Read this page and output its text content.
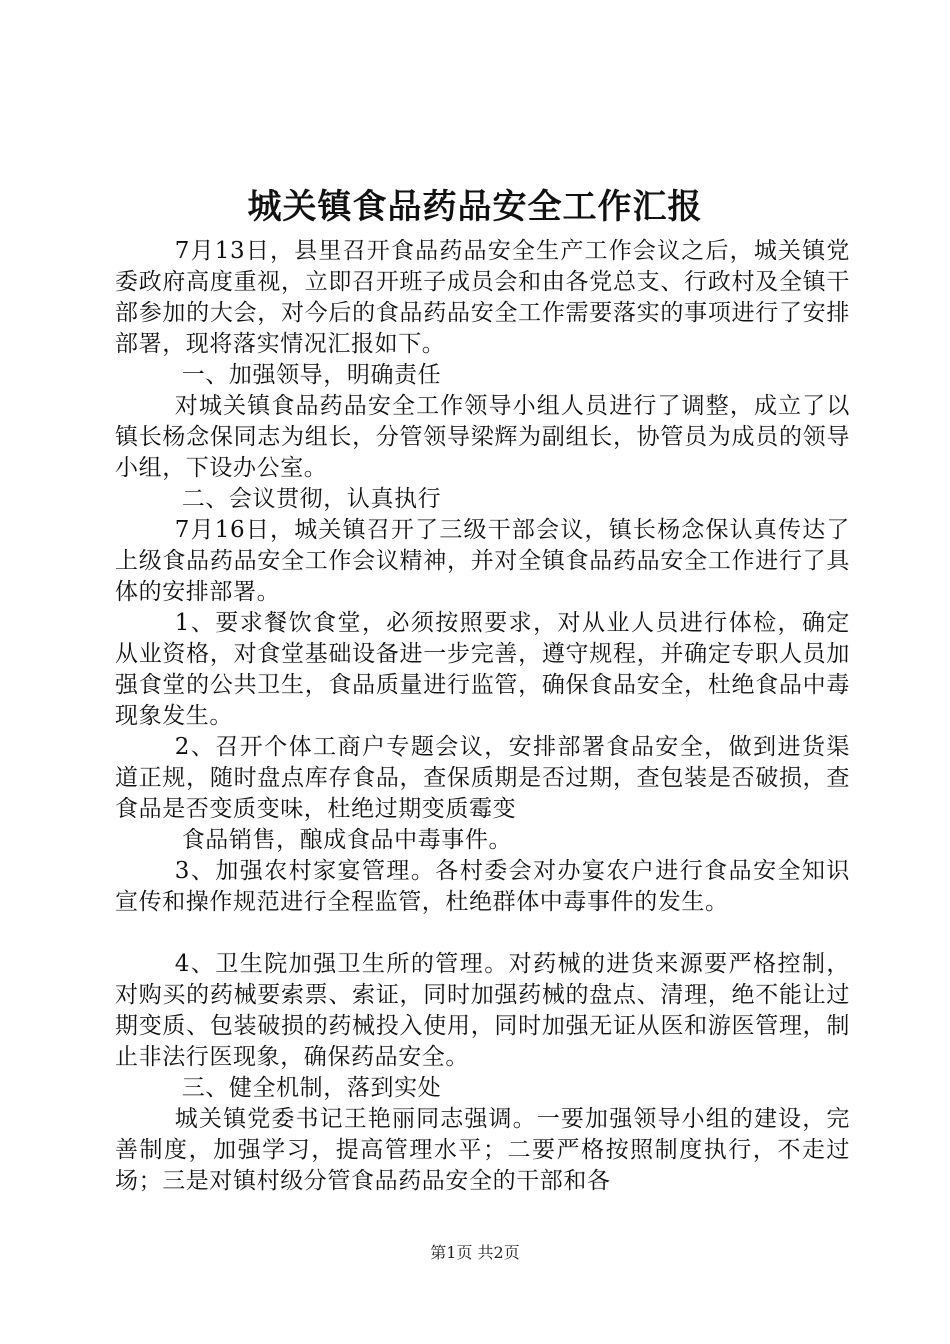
城关镇食品药品安全工作汇报

7月13日，县里召开食品药品安全生产工作会议之后，城关镇党委政府高度重视，立即召开班子成员会和由各党总支、行政村及全镇干部参加的大会，对今后的食品药品安全工作需要落实的事项进行了安排部署，现将落实情况汇报如下。

一、加强领导，明确责任

对城关镇食品药品安全工作领导小组人员进行了调整，成立了以镇长杨念保同志为组长，分管领导梁辉为副组长，协管员为成员的领导小组，下设办公室。

二、会议贯彻，认真执行

7月16日，城关镇召开了三级干部会议，镇长杨念保认真传达了上级食品药品安全工作会议精神，并对全镇食品药品安全工作进行了具体的安排部署。

1、要求餐饮食堂，必须按照要求，对从业人员进行体检，确定从业资格，对食堂基础设备进一步完善，遵守规程，并确定专职人员加强食堂的公共卫生，食品质量进行监管，确保食品安全，杜绝食品中毒现象发生。

2、召开个体工商户专题会议，安排部署食品安全，做到进货渠道正规，随时盘点库存食品，查保质期是否过期，查包装是否破损，查食品是否变质变味，杜绝过期变质霉变

食品销售，酿成食品中毒事件。

3、加强农村家宴管理。各村委会对办宴农户进行食品安全知识宣传和操作规范进行全程监管，杜绝群体中毒事件的发生。

4、卫生院加强卫生所的管理。对药械的进货来源要严格控制，对购买的药械要索票、索证，同时加强药械的盘点、清理，绝不能让过期变质、包装破损的药械投入使用，同时加强无证从医和游医管理，制止非法行医现象，确保药品安全。

三、健全机制，落到实处

城关镇党委书记王艳丽同志强调。一要加强领导小组的建设，完善制度，加强学习，提高管理水平；二要严格按照制度执行，不走过场；三是对镇村级分管食品药品安全的干部和各

第1页 共2页
